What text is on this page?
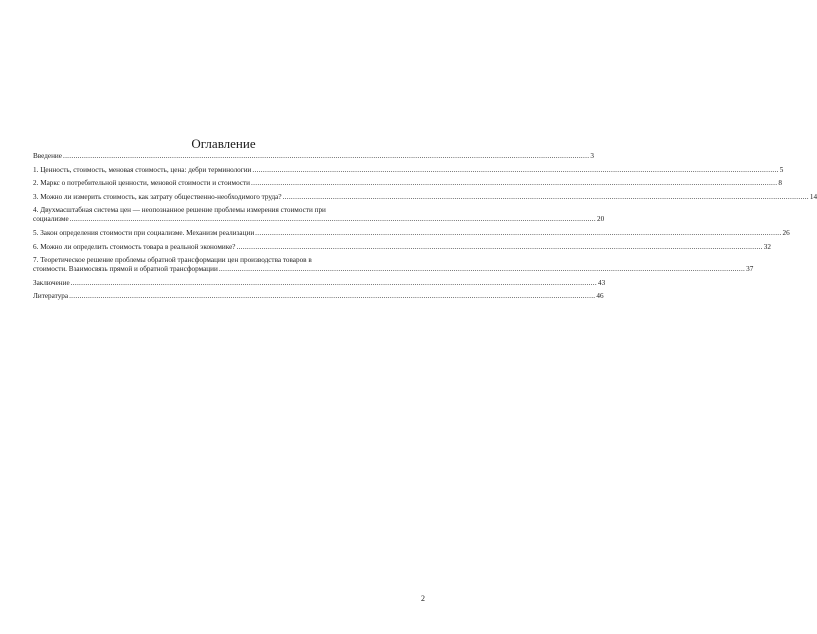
Оглавление
Введение .....	3
1. Ценность, стоимость, меновая стоимость, цена: дебри терминологии .....	5
2. Маркс о потребительной ценности, меновой стоимости и стоимости .....	8
3. Можно ли измерить стоимость, как затрату общественно-необходимого труда? .....	14
4. Двухмасштабная система цен — неопознанное решение проблемы измерения стоимости при
социализме .....	20
5. Закон определения стоимости при социализме. Механизм реализации .....	26
6. Можно ли определить стоимость товара в реальной экономике? .....	32
7. Теоретическое решение проблемы обратной трансформации цен производства товаров в
стоимости. Взаимосвязь прямой и обратной трансформации .....	37
Заключение .....	43
Литература .....	46
2
